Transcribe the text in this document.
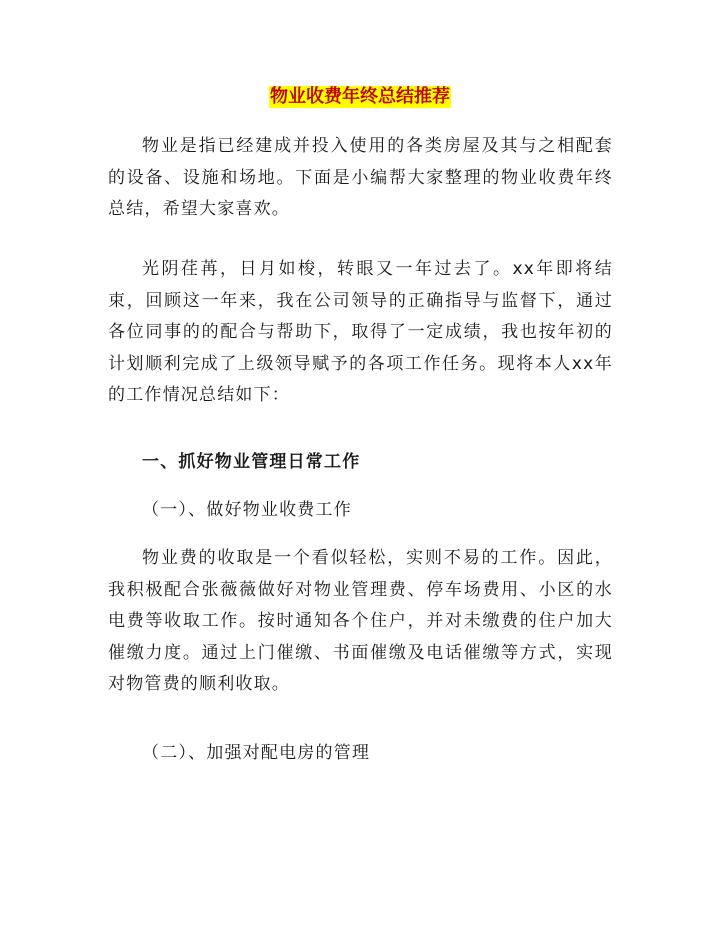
物业收费年终总结推荐

物业是指已经建成并投入使用的各类房屋及其与之相配套的设备、设施和场地。下面是小编帮大家整理的物业收费年终总结，希望大家喜欢。

光阴荏苒，日月如梭，转眼又一年过去了。xx年即将结束，回顾这一年来，我在公司领导的正确指导与监督下，通过各位同事的的配合与帮助下，取得了一定成绩，我也按年初的计划顺利完成了上级领导赋予的各项工作任务。现将本人xx年的工作情况总结如下：

一、抓好物业管理日常工作

（一）、做好物业收费工作

物业费的收取是一个看似轻松，实则不易的工作。因此，我积极配合张薇薇做好对物业管理费、停车场费用、小区的水电费等收取工作。按时通知各个住户，并对未缴费的住户加大催缴力度。通过上门催缴、书面催缴及电话催缴等方式，实现对物管费的顺利收取。

（二）、加强对配电房的管理
